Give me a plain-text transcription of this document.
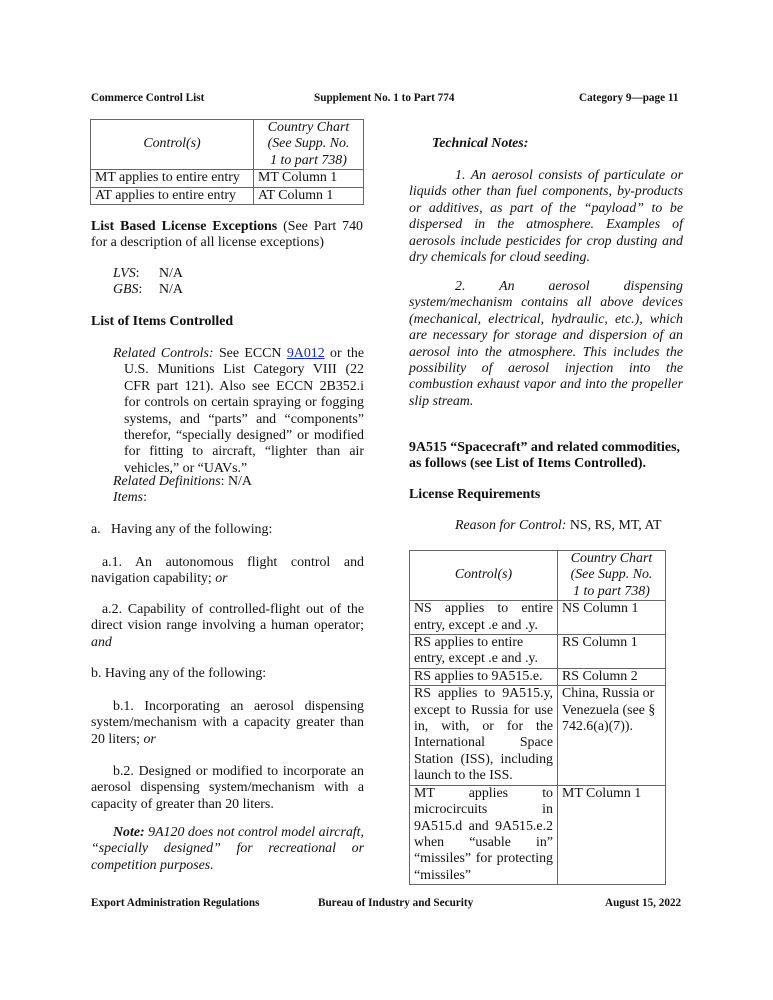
Commerce Control List	Supplement No. 1 to Part 774	Category 9—page 11
Control(s)	Country Chart
(See Supp. No.
1 to part 738)

MT applies to entire entry	MT Column 1
AT applies to entire entry	AT Column 1
List Based License Exceptions (See Part 740 for a description of all license exceptions)
LVS: N/A
GBS: N/A
List of Items Controlled
Related Controls: See ECCN 9A012 or the U.S. Munitions List Category VIII (22 CFR part 121). Also see ECCN 2B352.i for controls on certain spraying or fogging systems, and “parts” and “components” therefor, “specially designed” or modified for fitting to aircraft, “lighter than air vehicles,” or “UAVs.”
Related Definitions: N/A
Items:
a.   Having any of the following:
a.1. An autonomous flight control and navigation capability; or
a.2. Capability of controlled-flight out of the direct vision range involving a human operator; and
b. Having any of the following:
b.1. Incorporating an aerosol dispensing system/mechanism with a capacity greater than 20 liters; or
b.2. Designed or modified to incorporate an aerosol dispensing system/mechanism with a capacity of greater than 20 liters.
Note: 9A120 does not control model aircraft, “specially designed” for recreational or competition purposes.
Technical Notes:
1. An aerosol consists of particulate or liquids other than fuel components, by-products or additives, as part of the “payload” to be dispersed in the atmosphere. Examples of aerosols include pesticides for crop dusting and dry chemicals for cloud seeding.
2. An aerosol dispensing system/mechanism contains all above devices (mechanical, electrical, hydraulic, etc.), which are necessary for storage and dispersion of an aerosol into the atmosphere. This includes the possibility of aerosol injection into the combustion exhaust vapor and into the propeller slip stream.
9A515 “Spacecraft” and related commodities, as follows (see List of Items Controlled).
License Requirements
Reason for Control: NS, RS, MT, AT
Control(s)	Country Chart
(See Supp. No.
1 to part 738)

NS applies to entire entry, except .e and .y.	NS Column 1
RS applies to entire entry, except .e and .y.	RS Column 1
RS applies to 9A515.e.	RS Column 2
RS applies to 9A515.y, except to Russia for use in, with, or for the International Space Station (ISS), including launch to the ISS.	China, Russia or Venezuela (see § 742.6(a)(7)).
MT applies to microcircuits in 9A515.d and 9A515.e.2 when “usable in” “missiles” for protecting “missiles”	MT Column 1
Export Administration Regulations	Bureau of Industry and Security	August 15, 2022
